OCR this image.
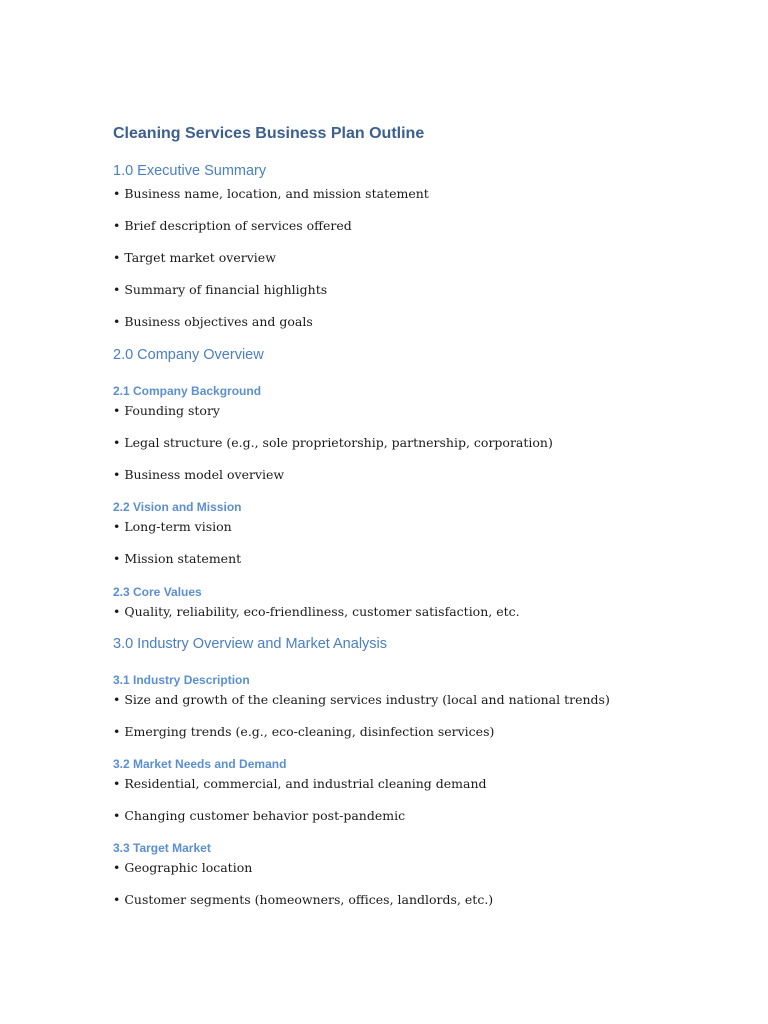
Cleaning Services Business Plan Outline
1.0 Executive Summary
• Business name, location, and mission statement
• Brief description of services offered
• Target market overview
• Summary of financial highlights
• Business objectives and goals
2.0 Company Overview
2.1 Company Background
• Founding story
• Legal structure (e.g., sole proprietorship, partnership, corporation)
• Business model overview
2.2 Vision and Mission
• Long-term vision
• Mission statement
2.3 Core Values
• Quality, reliability, eco-friendliness, customer satisfaction, etc.
3.0 Industry Overview and Market Analysis
3.1 Industry Description
• Size and growth of the cleaning services industry (local and national trends)
• Emerging trends (e.g., eco-cleaning, disinfection services)
3.2 Market Needs and Demand
• Residential, commercial, and industrial cleaning demand
• Changing customer behavior post-pandemic
3.3 Target Market
• Geographic location
• Customer segments (homeowners, offices, landlords, etc.)
